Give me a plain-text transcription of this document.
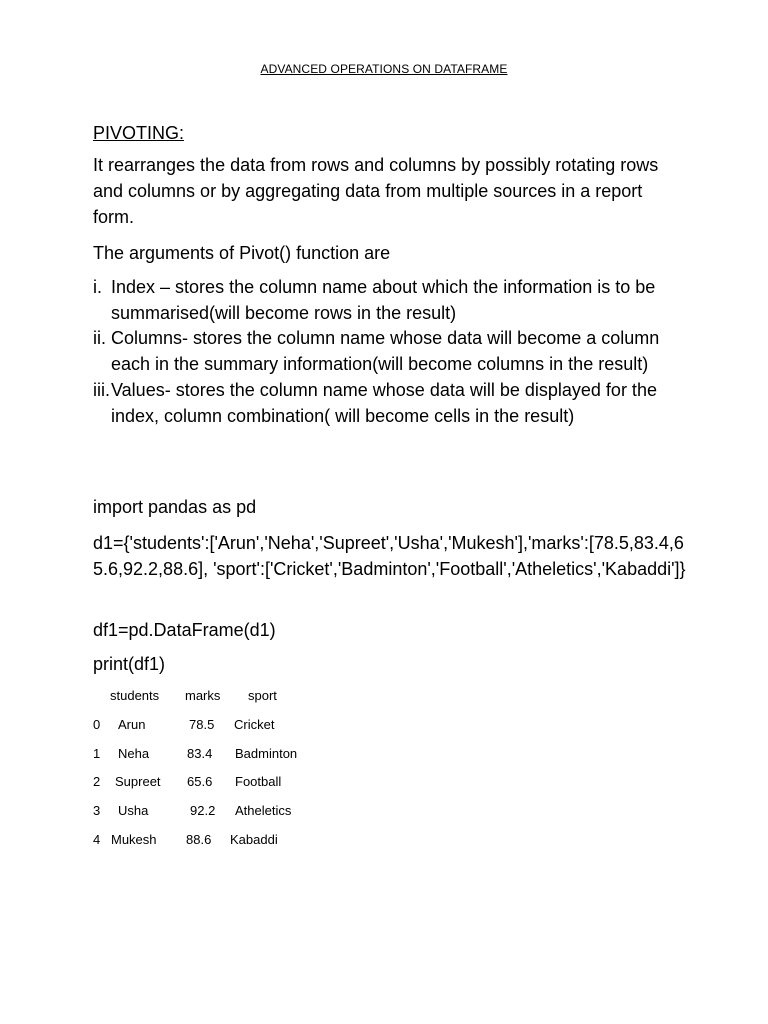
ADVANCED OPERATIONS ON DATAFRAME
PIVOTING:
It rearranges the data from rows and columns by possibly rotating rows and columns or by aggregating data from multiple sources in a report form.
The arguments of Pivot() function are
i. Index – stores the column name about which the information is to be summarised(will become rows in the result)
ii. Columns- stores the column name whose data will become a column each in the summary information(will become columns in the result)
iii. Values- stores the column name whose data will be displayed for the index, column combination( will become cells in the result)
import pandas as pd
d1={'students':['Arun','Neha','Supreet','Usha','Mukesh'],'marks':[78.5,83.4,65.6,92.2,88.6], 'sport':['Cricket','Badminton','Football','Atheletics','Kabaddi']}
df1=pd.DataFrame(d1)
print(df1)
students marks sport
0 Arun	78.5 Cricket
1 Neha	83.4 Badminton
2 Supreet 65.6 Football
3 Usha	92.2 Atheletics
4 Mukesh 88.6 Kabaddi
